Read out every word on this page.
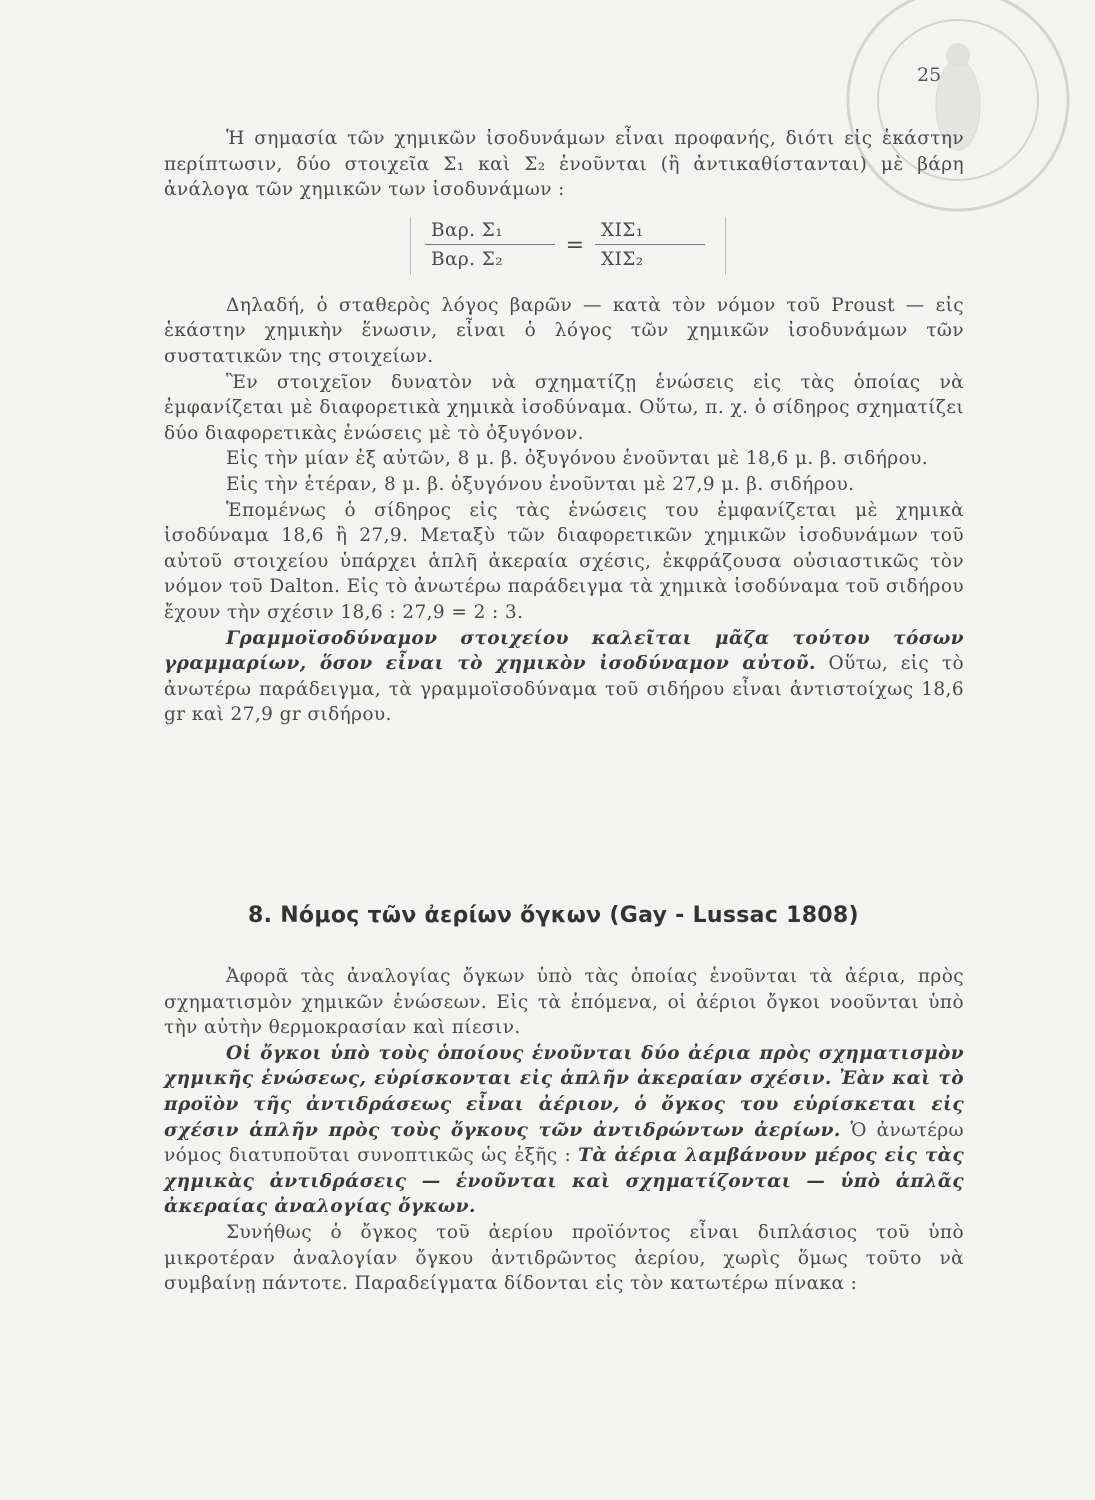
25

Ἡ σημασία τῶν χημικῶν ἰσοδυνάμων εἶναι προφανής, διότι εἰς ἑκάστην περίπτωσιν, δύο στοιχεῖα Σ₁ καὶ Σ₂ ἑνοῦνται (ἢ ἀντικαθίστανται) μὲ βάρη ἀνάλογα τῶν χημικῶν των ἰσοδυνάμων :

Βαρ. Σ₁
Βαρ. Σ₂
=
ΧΙΣ₁
ΧΙΣ₂

Δηλαδή, ὁ σταθερὸς λόγος βαρῶν — κατὰ τὸν νόμον τοῦ Proust — εἰς ἑκάστην χημικὴν ἕνωσιν, εἶναι ὁ λόγος τῶν χημικῶν ἰσοδυνάμων τῶν συστατικῶν της στοιχείων.

Ἓν στοιχεῖον δυνατὸν νὰ σχηματίζῃ ἑνώσεις εἰς τὰς ὁποίας νὰ ἐμφανίζεται μὲ διαφορετικὰ χημικὰ ἰσοδύναμα. Οὕτω, π. χ. ὁ σίδηρος σχηματίζει δύο διαφορετικὰς ἑνώσεις μὲ τὸ ὀξυγόνον.

Εἰς τὴν μίαν ἐξ αὐτῶν, 8 μ. β. ὀξυγόνου ἑνοῦνται μὲ 18,6 μ. β. σιδήρου.

Εἰς τὴν ἑτέραν, 8 μ. β. ὀξυγόνου ἑνοῦνται μὲ 27,9 μ. β. σιδήρου.

Ἑπομένως ὁ σίδηρος εἰς τὰς ἑνώσεις του ἐμφανίζεται μὲ χημικὰ ἰσοδύναμα 18,6 ἢ 27,9. Μεταξὺ τῶν διαφορετικῶν χημικῶν ἰσοδυνάμων τοῦ αὐτοῦ στοιχείου ὑπάρχει ἁπλῆ ἀκεραία σχέσις, ἐκφράζουσα οὐσιαστικῶς τὸν νόμον τοῦ Dalton. Εἰς τὸ ἀνωτέρω παράδειγμα τὰ χημικὰ ἰσοδύναμα τοῦ σιδήρου ἔχουν τὴν σχέσιν 18,6 : 27,9 = 2 : 3.

Γραμμοϊσοδύναμον στοιχείου καλεῖται μᾶζα τούτου τόσων γραμμαρίων, ὅσον εἶναι τὸ χημικὸν ἰσοδύναμον αὐτοῦ. Οὕτω, εἰς τὸ ἀνωτέρω παράδειγμα, τὰ γραμμοϊσοδύναμα τοῦ σιδήρου εἶναι ἀντιστοίχως 18,6 gr καὶ 27,9 gr σιδήρου.

8. Νόμος τῶν ἀερίων ὄγκων (Gay - Lussac 1808)

Ἀφορᾶ τὰς ἀναλογίας ὄγκων ὑπὸ τὰς ὁποίας ἑνοῦνται τὰ ἀέρια, πρὸς σχηματισμὸν χημικῶν ἑνώσεων. Εἰς τὰ ἑπόμενα, οἱ ἀέριοι ὄγκοι νοοῦνται ὑπὸ τὴν αὐτὴν θερμοκρασίαν καὶ πίεσιν.

Οἱ ὄγκοι ὑπὸ τοὺς ὁποίους ἑνοῦνται δύο ἀέρια πρὸς σχηματισμὸν χημικῆς ἑνώσεως, εὑρίσκονται εἰς ἁπλῆν ἀκεραίαν σχέσιν. Ἐὰν καὶ τὸ προϊὸν τῆς ἀντιδράσεως εἶναι ἀέριον, ὁ ὄγκος του εὑρίσκεται εἰς σχέσιν ἁπλῆν πρὸς τοὺς ὄγκους τῶν ἀντιδρώντων ἀερίων. Ὁ ἀνωτέρω νόμος διατυποῦται συνοπτικῶς ὡς ἑξῆς : Τὰ ἀέρια λαμβάνουν μέρος εἰς τὰς χημικὰς ἀντιδράσεις — ἑνοῦνται καὶ σχηματίζονται — ὑπὸ ἁπλᾶς ἀκεραίας ἀναλογίας ὄγκων.

Συνήθως ὁ ὄγκος τοῦ ἀερίου προϊόντος εἶναι διπλάσιος τοῦ ὑπὸ μικροτέραν ἀναλογίαν ὄγκου ἀντιδρῶντος ἀερίου, χωρὶς ὅμως τοῦτο νὰ συμβαίνῃ πάντοτε. Παραδείγματα δίδονται εἰς τὸν κατωτέρω πίνακα :
